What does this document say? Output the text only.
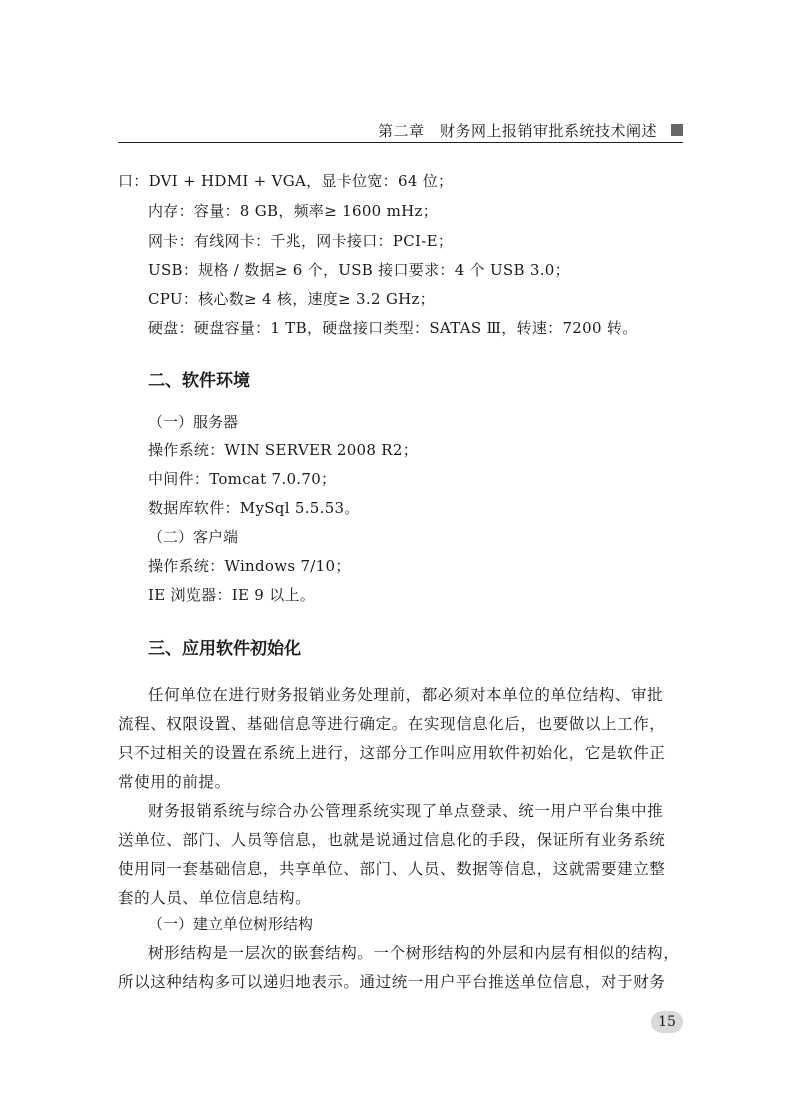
第二章　财务网上报销审批系统技术阐述
口：DVI + HDMI + VGA，显卡位宽：64 位；
内存：容量：8 GB，频率≥ 1600 mHz；
网卡：有线网卡：千兆，网卡接口：PCI-E；
USB：规格 / 数据≥ 6 个，USB 接口要求：4 个 USB 3.0；
CPU：核心数≥ 4 核，速度≥ 3.2 GHz；
硬盘：硬盘容量：1 TB，硬盘接口类型：SATAS Ⅲ，转速：7200 转。
二、软件环境
（一）服务器
操作系统：WIN SERVER 2008 R2；
中间件：Tomcat 7.0.70；
数据库软件：MySql 5.5.53。
（二）客户端
操作系统：Windows 7/10；
IE 浏览器：IE 9 以上。
三、应用软件初始化
任何单位在进行财务报销业务处理前，都必须对本单位的单位结构、审批
流程、权限设置、基础信息等进行确定。在实现信息化后，也要做以上工作，
只不过相关的设置在系统上进行，这部分工作叫应用软件初始化，它是软件正
常使用的前提。
财务报销系统与综合办公管理系统实现了单点登录、统一用户平台集中推
送单位、部门、人员等信息，也就是说通过信息化的手段，保证所有业务系统
使用同一套基础信息，共享单位、部门、人员、数据等信息，这就需要建立整
套的人员、单位信息结构。
（一）建立单位树形结构
树形结构是一层次的嵌套结构。一个树形结构的外层和内层有相似的结构，
所以这种结构多可以递归地表示。通过统一用户平台推送单位信息，对于财务
15
